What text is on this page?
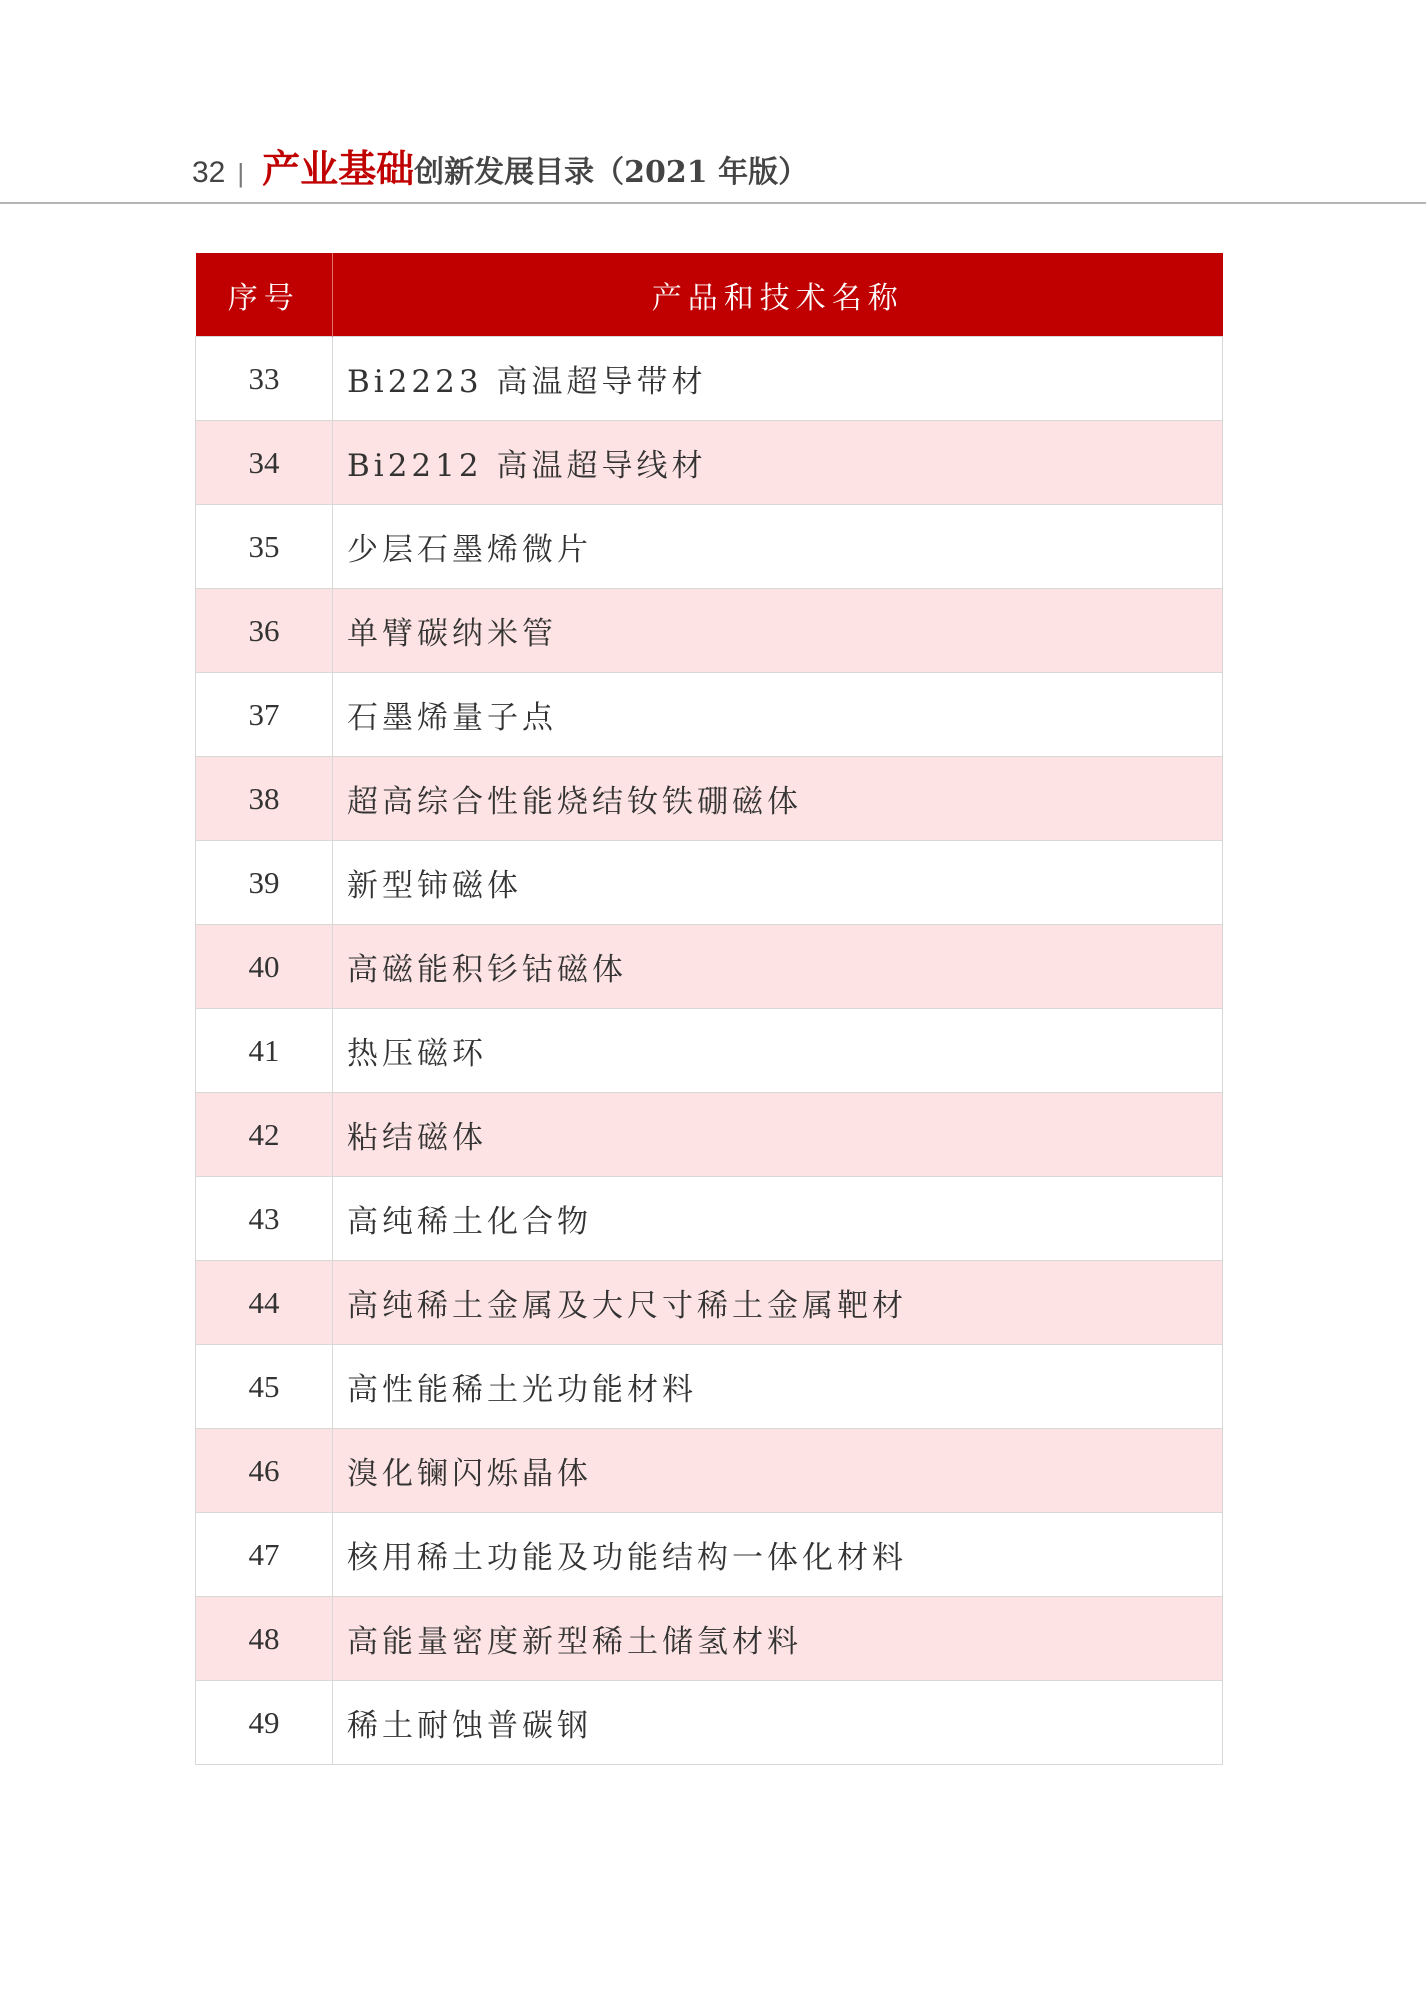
32 | 产业基础 创新发展目录（2021 年版）
序号	产品和技术名称
33	Bi2223 高温超导带材
34	Bi2212 高温超导线材
35	少层石墨烯微片
36	单臂碳纳米管
37	石墨烯量子点
38	超高综合性能烧结钕铁硼磁体
39	新型铈磁体
40	高磁能积钐钴磁体
41	热压磁环
42	粘结磁体
43	高纯稀土化合物
44	高纯稀土金属及大尺寸稀土金属靶材
45	高性能稀土光功能材料
46	溴化镧闪烁晶体
47	核用稀土功能及功能结构一体化材料
48	高能量密度新型稀土储氢材料
49	稀土耐蚀普碳钢
